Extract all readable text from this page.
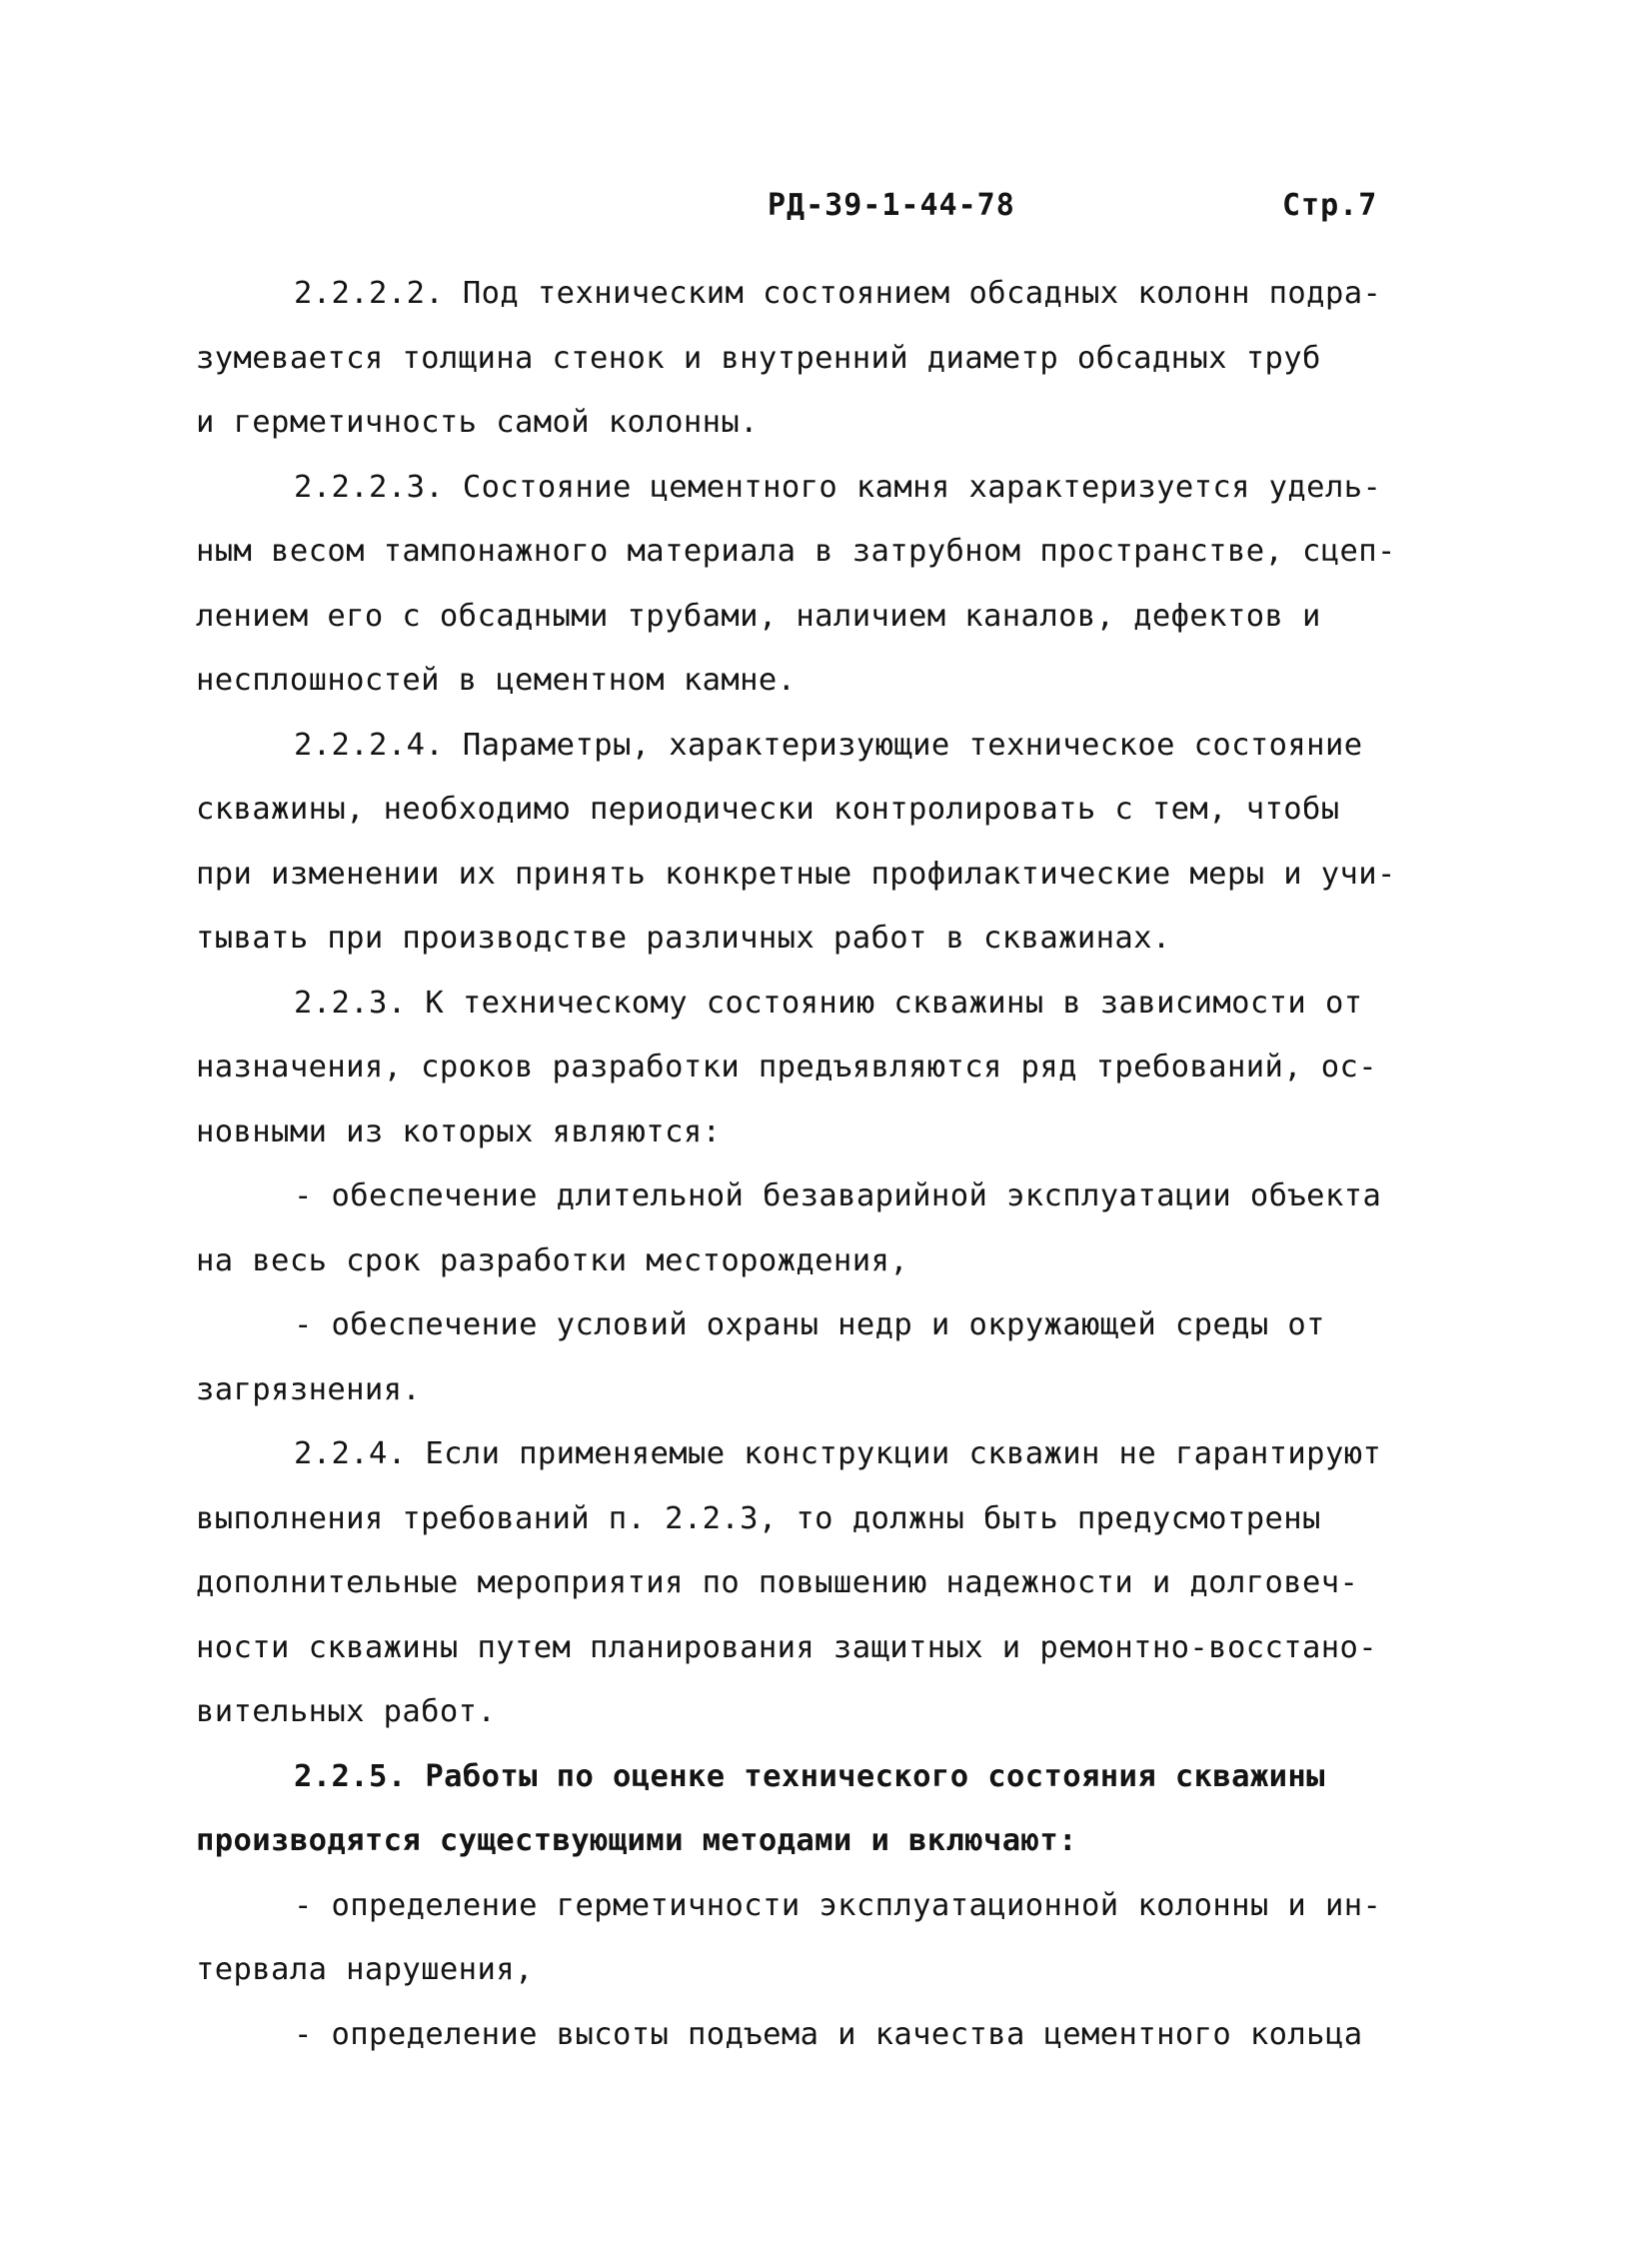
РД-39-1-44-78	Стр.7
2.2.2.2. Под техническим состоянием обсадных колонн подра-
зумевается толщина стенок и внутренний диаметр обсадных труб
и герметичность самой колонны.
2.2.2.3. Состояние цементного камня характеризуется удель-
ным весом тампонажного материала в затрубном пространстве, сцеп-
лением его с обсадными трубами, наличием каналов, дефектов и
несплошностей в цементном камне.
2.2.2.4. Параметры, характеризующие техническое состояние
скважины, необходимо периодически контролировать с тем, чтобы
при изменении их принять конкретные профилактические меры и учи-
тывать при производстве различных работ в скважинах.
2.2.3. К техническому состоянию скважины в зависимости от
назначения, сроков разработки предъявляются ряд требований, ос-
новными из которых являются:
- обеспечение длительной безаварийной эксплуатации объекта
на весь срок разработки месторождения,
- обеспечение условий охраны недр и окружающей среды от
загрязнения.
2.2.4. Если применяемые конструкции скважин не гарантируют
выполнения требований п. 2.2.3, то должны быть предусмотрены
дополнительные мероприятия по повышению надежности и долговеч-
ности скважины путем планирования защитных и ремонтно-восстано-
вительных работ.
2.2.5. Работы по оценке технического состояния скважины
производятся существующими методами и включают:
- определение герметичности эксплуатационной колонны и ин-
тервала нарушения,
- определение высоты подъема и качества цементного кольца
